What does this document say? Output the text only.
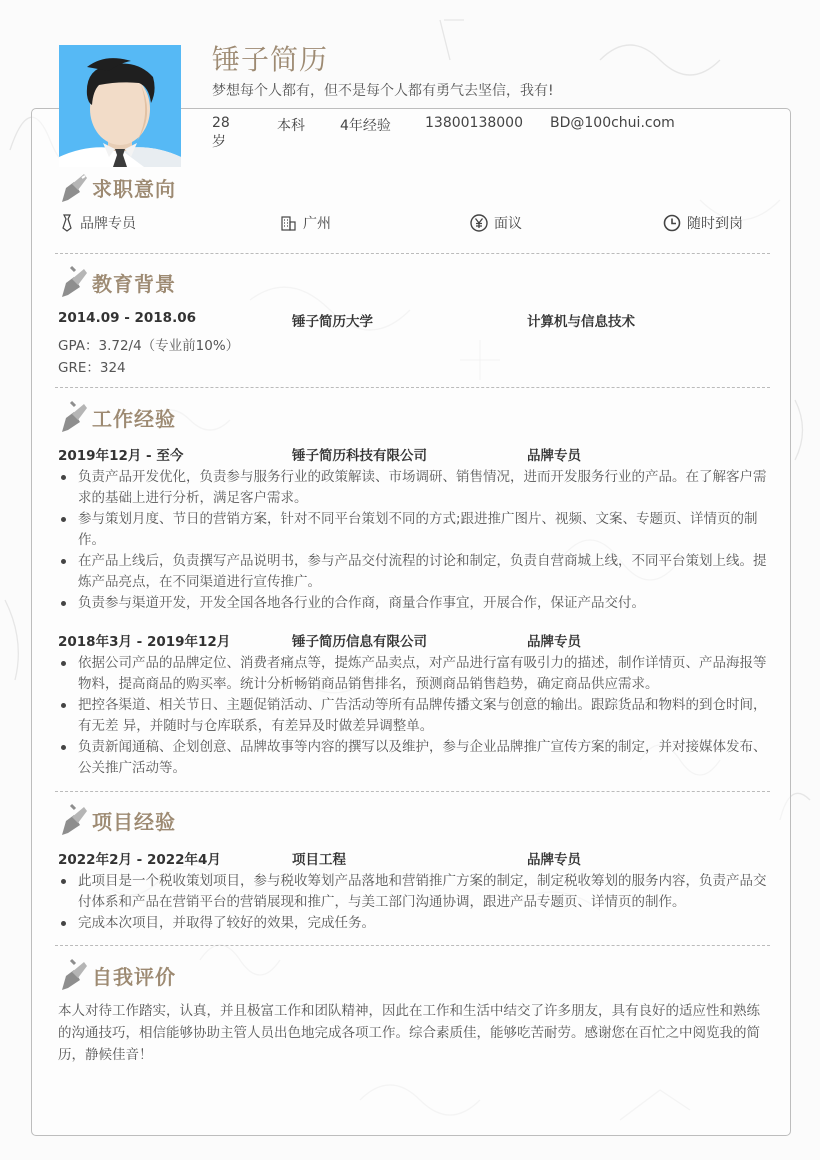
锤子简历
梦想每个人都有，但不是每个人都有勇气去坚信，我有!
28岁
本科	4年经验 13800138000 BD@100chui.com
求职意向
品牌专员	广州	面议	随时到岗
教育背景
2014.09 - 2018.06	锤子简历大学	计算机与信息技术
GPA：3.72/4（专业前10%）
GRE：324
工作经验
2019年12月 - 至今	锤子简历科技有限公司	品牌专员
负责产品开发优化，负责参与服务行业的政策解读、市场调研、销售情况，进而开发服务行业的产品。在了解客户需求的基础上进行分析，满足客户需求。
参与策划月度、节日的营销方案，针对不同平台策划不同的方式;跟进推广图片、视频、文案、专题页、详情页的制作。
在产品上线后，负责撰写产品说明书，参与产品交付流程的讨论和制定，负责自营商城上线，不同平台策划上线。提炼产品亮点，在不同渠道进行宣传推广。
负责参与渠道开发，开发全国各地各行业的合作商，商量合作事宜，开展合作，保证产品交付。
2018年3月 - 2019年12月	锤子简历信息有限公司	品牌专员
依据公司产品的品牌定位、消费者痛点等，提炼产品卖点，对产品进行富有吸引力的描述，制作详情页、产品海报等物料，提高商品的购买率。统计分析畅销商品销售排名，预测商品销售趋势，确定商品供应需求。
把控各渠道、相关节日、主题促销活动、广告活动等所有品牌传播文案与创意的输出。跟踪货品和物料的到仓时间，有无差 异，并随时与仓库联系，有差异及时做差异调整单。
负责新闻通稿、企划创意、品牌故事等内容的撰写以及维护，参与企业品牌推广宣传方案的制定，并对接媒体发布、公关推广活动等。
项目经验
2022年2月 - 2022年4月	项目工程	品牌专员
此项目是一个税收策划项目，参与税收筹划产品落地和营销推广方案的制定，制定税收筹划的服务内容，负责产品交付体系和产品在营销平台的营销展现和推广，与美工部门沟通协调，跟进产品专题页、详情页的制作。
完成本次项目，并取得了较好的效果，完成任务。
自我评价
本人对待工作踏实，认真，并且极富工作和团队精神，因此在工作和生活中结交了许多朋友，具有良好的适应性和熟练的沟通技巧，相信能够协助主管人员出色地完成各项工作。综合素质佳，能够吃苦耐劳。感谢您在百忙之中阅览我的简历，静候佳音！
